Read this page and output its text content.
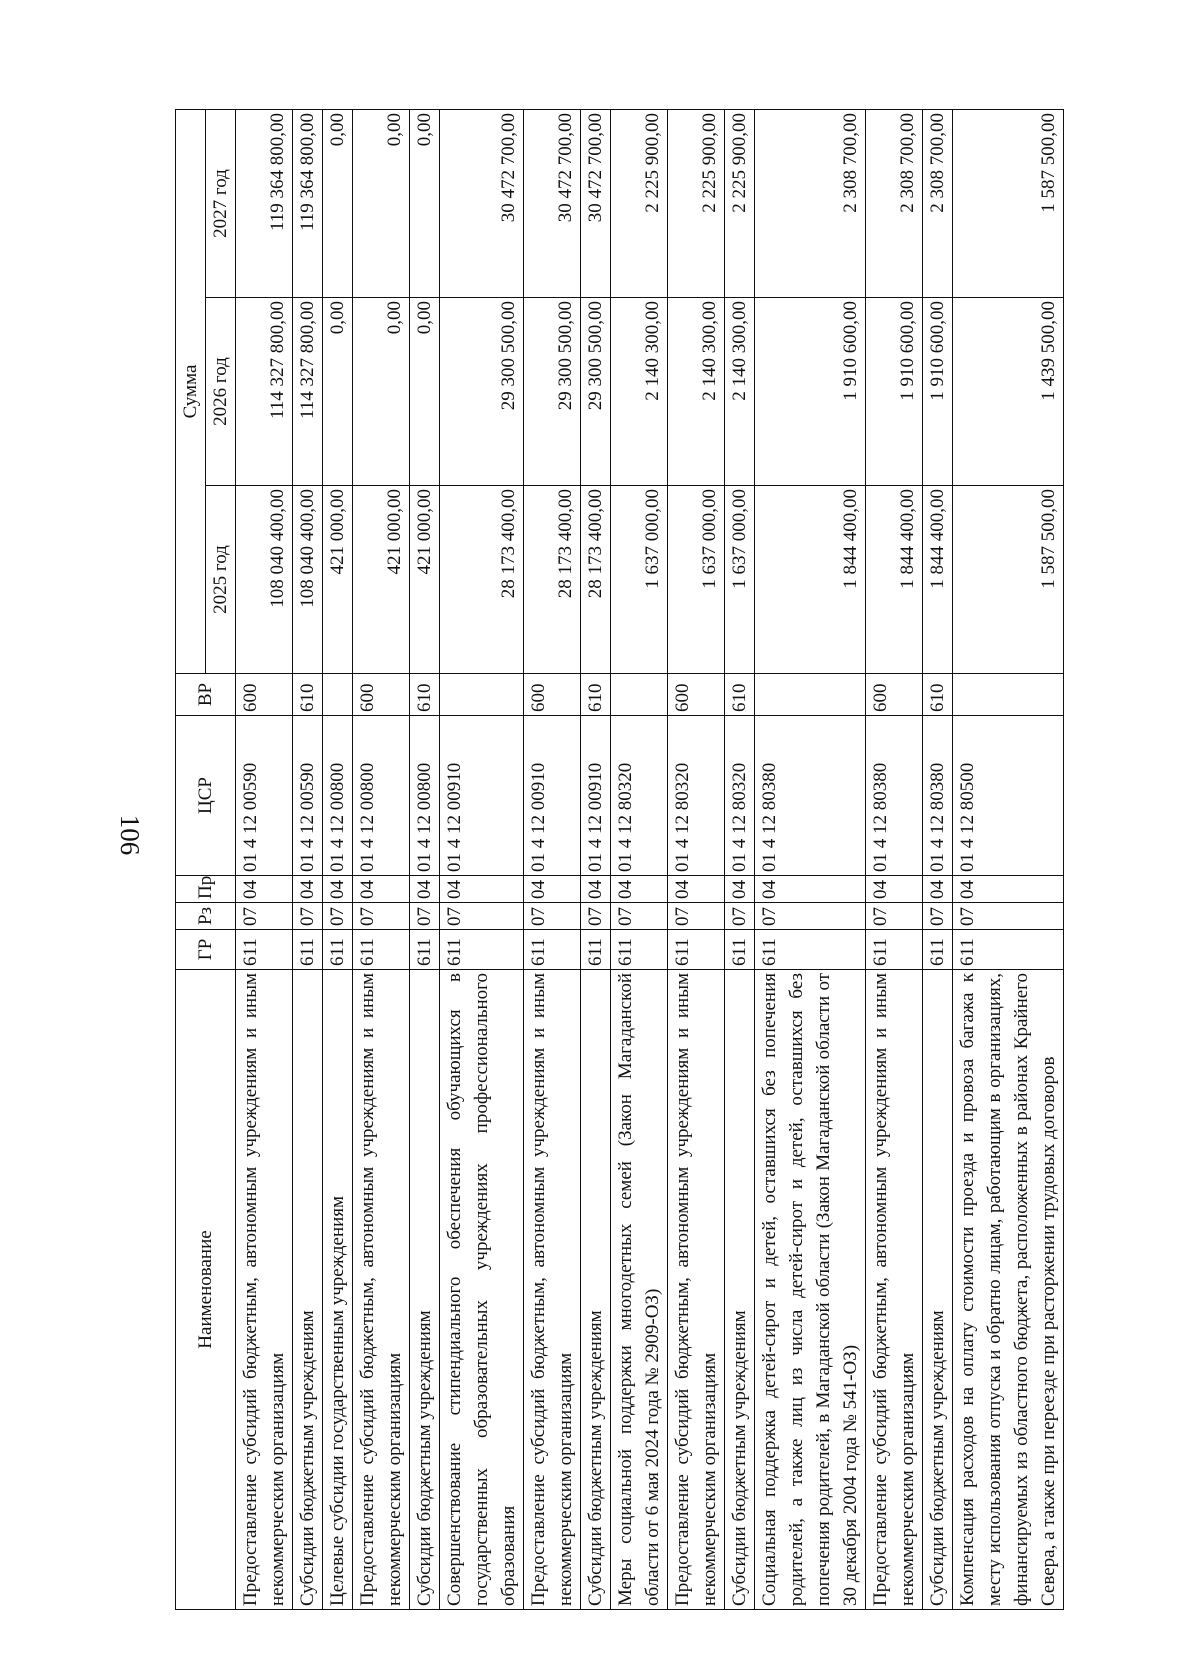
106
Наименование	ГР	Рз	Пр	ЦСР	ВР	Сумма		
						2025 год	2026 год	2027 год
Предоставление субсидий бюджетным, автономным учреждениям и иным некоммерческим организациям	611	07	04	01 4 12 00590	600	108 040 400,00	114 327 800,00	119 364 800,00
Субсидии бюджетным учреждениям	611	07	04	01 4 12 00590	610	108 040 400,00	114 327 800,00	119 364 800,00
Целевые субсидии государственным учреждениям	611	07	04	01 4 12 00800		421 000,00	0,00	0,00
Предоставление субсидий бюджетным, автономным учреждениям и иным некоммерческим организациям	611	07	04	01 4 12 00800	600	421 000,00	0,00	0,00
Субсидии бюджетным учреждениям	611	07	04	01 4 12 00800	610	421 000,00	0,00	0,00
Совершенствование стипендиального обеспечения обучающихся в государственных образовательных учреждениях профессионального образования	611	07	04	01 4 12 00910		28 173 400,00	29 300 500,00	30 472 700,00
Предоставление субсидий бюджетным, автономным учреждениям и иным некоммерческим организациям	611	07	04	01 4 12 00910	600	28 173 400,00	29 300 500,00	30 472 700,00
Субсидии бюджетным учреждениям	611	07	04	01 4 12 00910	610	28 173 400,00	29 300 500,00	30 472 700,00
Меры социальной поддержки многодетных семей (Закон Магаданской области от 6 мая 2024 года № 2909-ОЗ)	611	07	04	01 4 12 80320		1 637 000,00	2 140 300,00	2 225 900,00
Предоставление субсидий бюджетным, автономным учреждениям и иным некоммерческим организациям	611	07	04	01 4 12 80320	600	1 637 000,00	2 140 300,00	2 225 900,00
Субсидии бюджетным учреждениям	611	07	04	01 4 12 80320	610	1 637 000,00	2 140 300,00	2 225 900,00
Социальная поддержка детей-сирот и детей, оставшихся без попечения родителей, а также лиц из числа детей-сирот и детей, оставшихся без попечения родителей, в Магаданской области (Закон Магаданской области от 30 декабря 2004 года № 541-ОЗ)	611	07	04	01 4 12 80380		1 844 400,00	1 910 600,00	2 308 700,00
Предоставление субсидий бюджетным, автономным учреждениям и иным некоммерческим организациям	611	07	04	01 4 12 80380	600	1 844 400,00	1 910 600,00	2 308 700,00
Субсидии бюджетным учреждениям	611	07	04	01 4 12 80380	610	1 844 400,00	1 910 600,00	2 308 700,00
Компенсация расходов на оплату стоимости проезда и провоза багажа к месту использования отпуска и обратно лицам, работающим в организациях, финансируемых из областного бюджета, расположенных в районах Крайнего Севера, а также при переезде при расторжении трудовых договоров	611	07	04	01 4 12 80500		1 587 500,00	1 439 500,00	1 587 500,00
